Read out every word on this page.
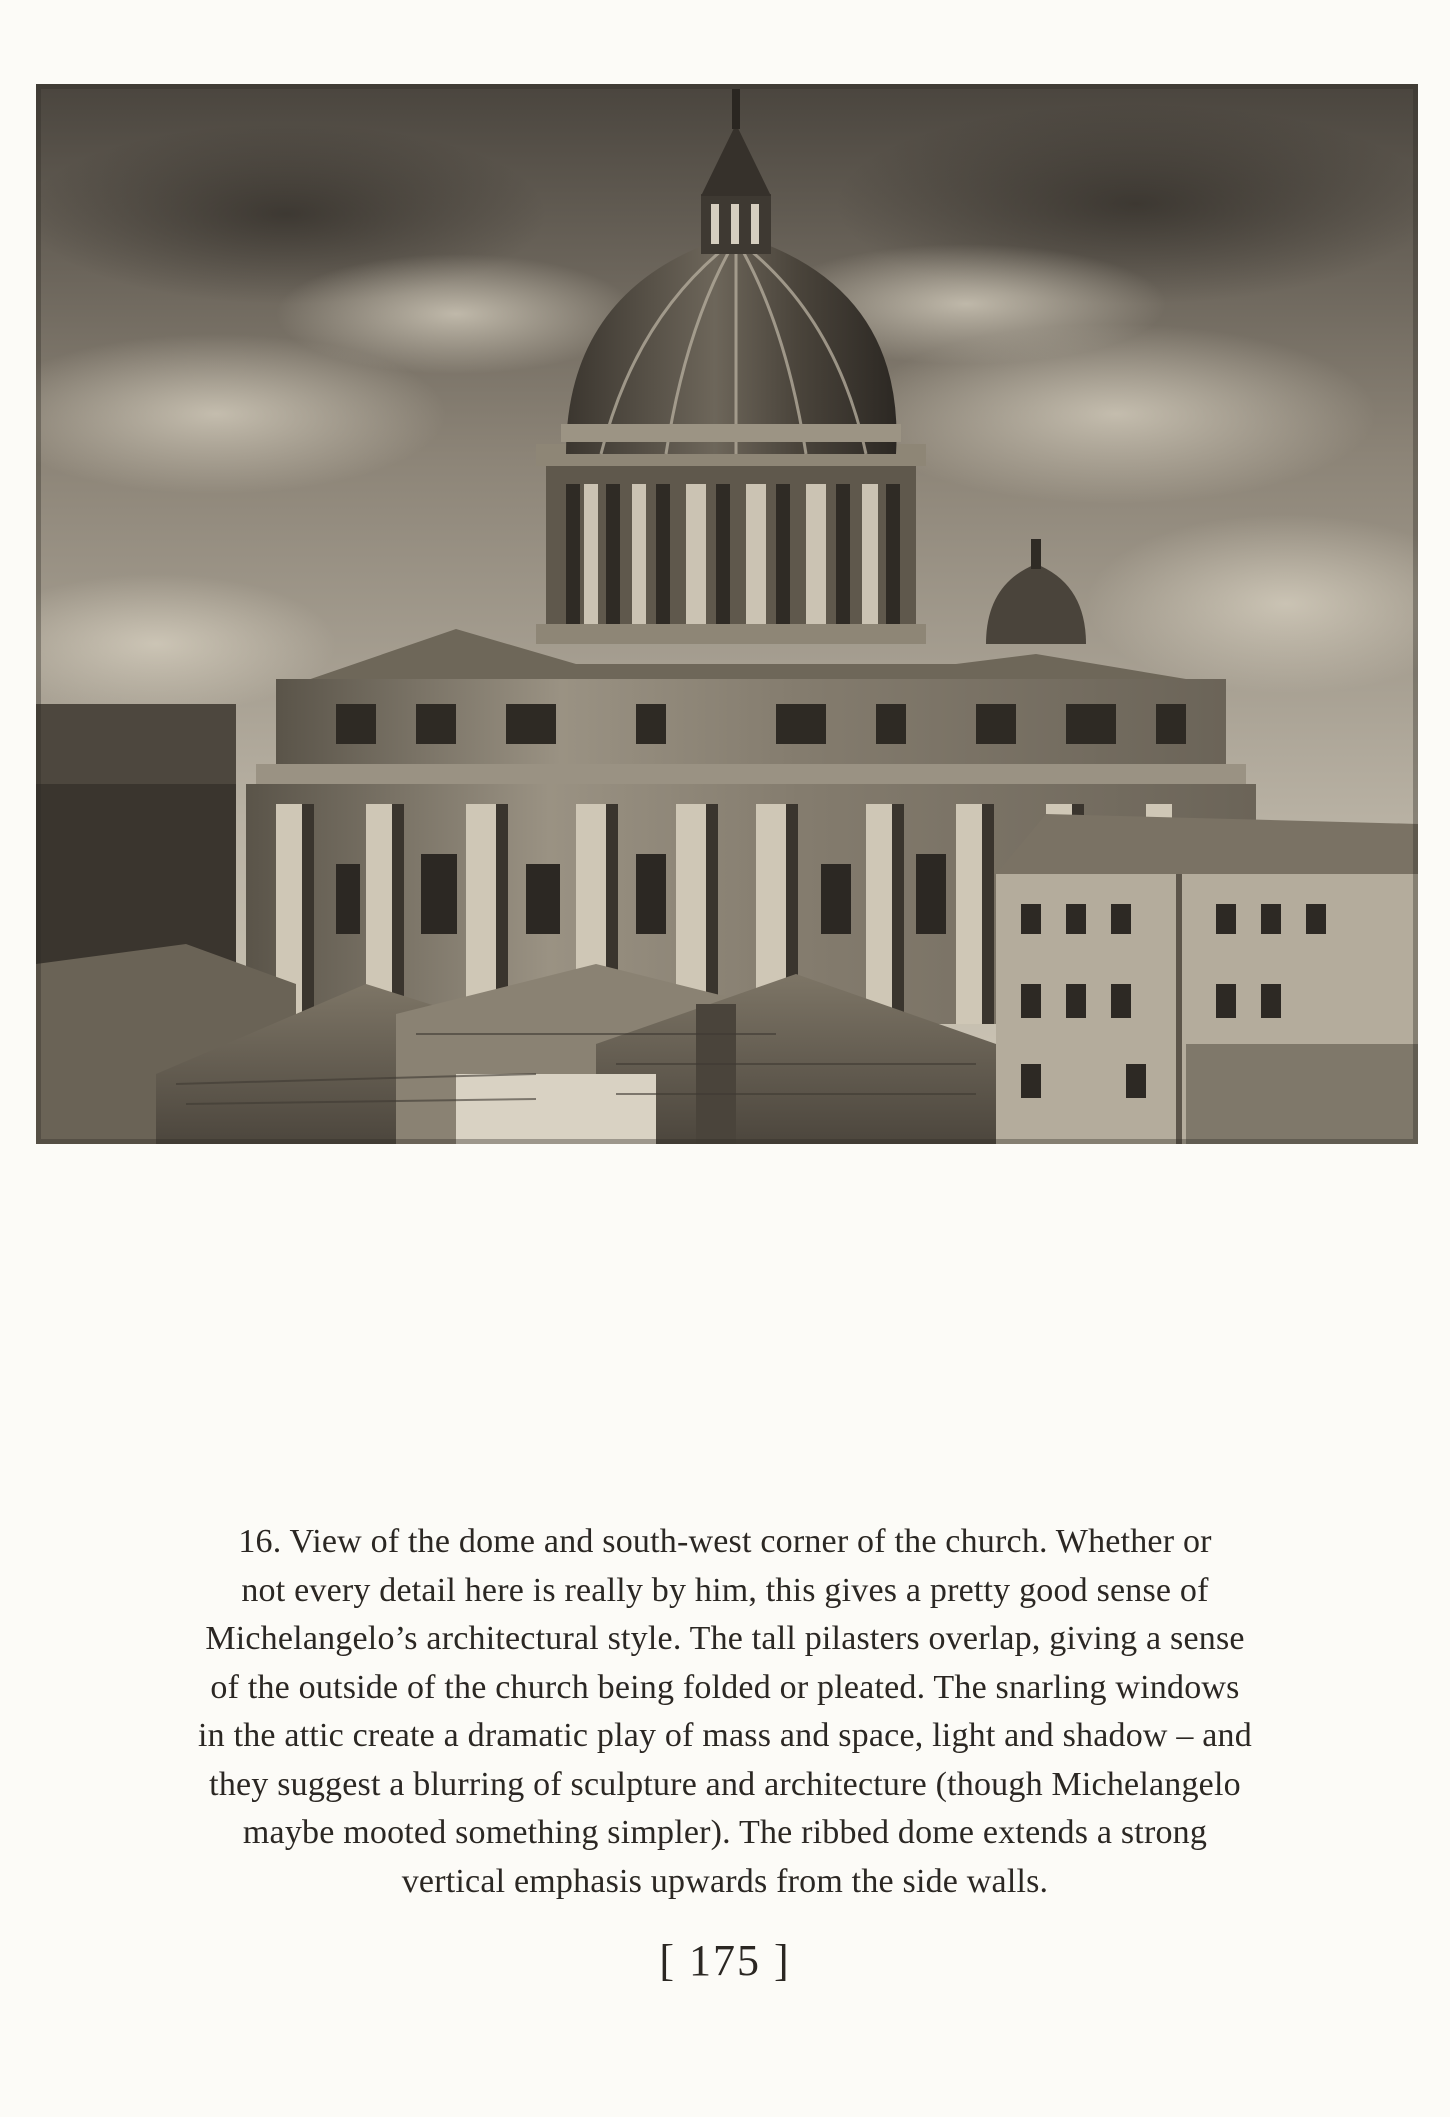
16. View of the dome and south-west corner of the church. Whether or
not every detail here is really by him, this gives a pretty good sense of
Michelangelo’s architectural style. The tall pilasters overlap, giving a sense
of the outside of the church being folded or pleated. The snarling windows
in the attic create a dramatic play of mass and space, light and shadow – and
they suggest a blurring of sculpture and architecture (though Michelangelo
maybe mooted something simpler). The ribbed dome extends a strong
vertical emphasis upwards from the side walls.
[ 175 ]
